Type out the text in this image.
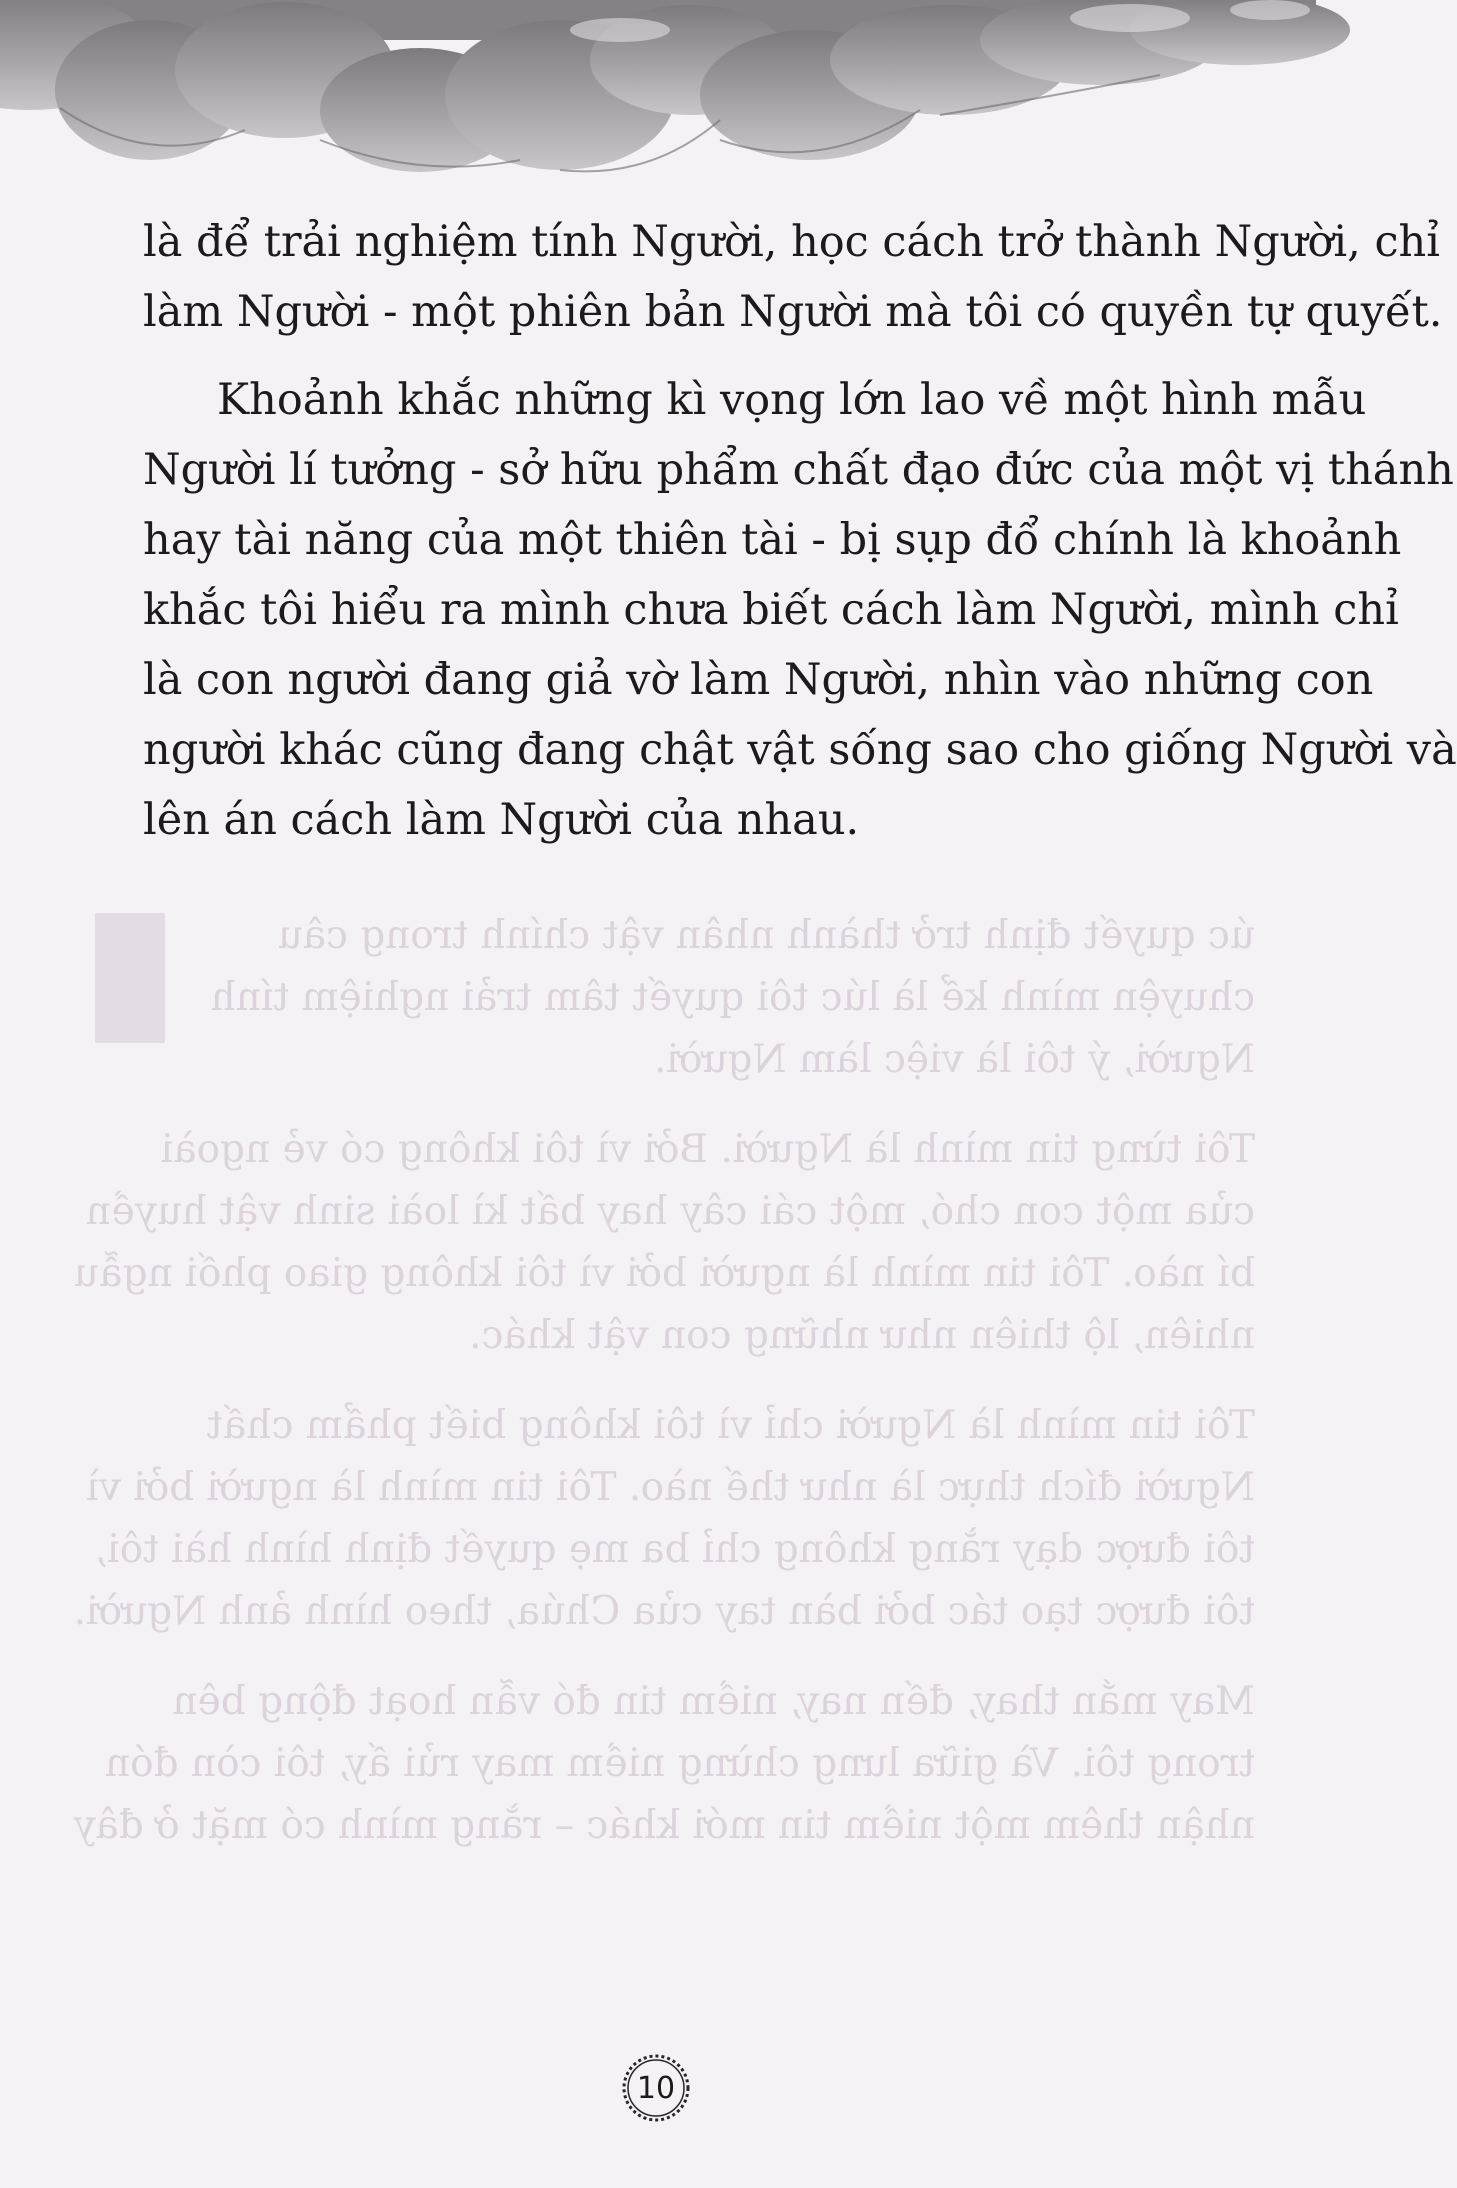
úc quyết định trở thành nhân vật chính trong câu
chuyện mình kể là lúc tôi quyết tâm trải nghiệm tính
Người, ý tôi là việc làm Người.
Tôi từng tin mình là Người. Bởi vì tôi không có vẻ ngoài
của một con chó, một cái cây hay bất kì loài sinh vật huyền
bí nào. Tôi tin mình là người bởi vì tôi không giao phối ngẫu
nhiên, lộ thiên như những con vật khác.
Tôi tin mình là Người chỉ vì tôi không biết phẩm chất
Người đích thực là như thế nào. Tôi tin mình là người bởi vì
tôi được dạy rằng không chỉ ba mẹ quyết định hình hài tôi,
tôi được tạo tác bởi bàn tay của Chúa, theo hình ảnh Người.
May mắn thay, đến nay, niềm tin đó vẫn hoạt động bên
trong tôi. Và giữa lưng chừng niềm may rủi ấy, tôi còn đón
nhận thêm một niềm tin mới khác – rằng mình có mặt ở đây

là để trải nghiệm tính Người, học cách trở thành Người, chỉ
làm Người - một phiên bản Người mà tôi có quyền tự quyết.

Khoảnh khắc những kì vọng lớn lao về một hình mẫu
Người lí tưởng - sở hữu phẩm chất đạo đức của một vị thánh
hay tài năng của một thiên tài - bị sụp đổ chính là khoảnh
khắc tôi hiểu ra mình chưa biết cách làm Người, mình chỉ
là con người đang giả vờ làm Người, nhìn vào những con
người khác cũng đang chật vật sống sao cho giống Người và
lên án cách làm Người của nhau.

10
